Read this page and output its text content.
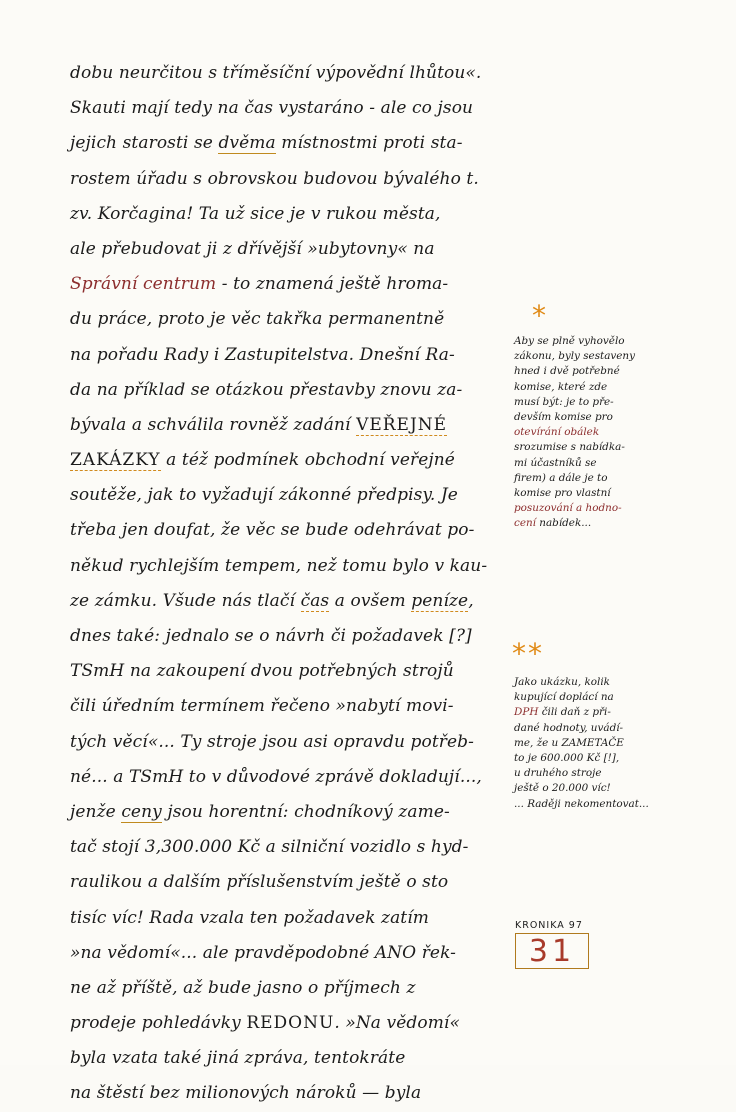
dobu neurčitou s tříměsíční výpovědní lhůtou«.
Skauti mají tedy na čas vystaráno - ale co jsou
jejich starosti se dvěma místnostmi proti sta-
rostem úřadu s obrovskou budovou bývalého t.
zv. Korčagina! Ta už sice je v rukou města,
ale přebudovat ji z dřívější »ubytovny« na
Správní centrum - to znamená ještě hroma-
du práce, proto je věc takřka permanentně
na pořadu Rady i Zastupitelstva. Dnešní Ra-
da na příklad se otázkou přestavby znovu za-
bývala a schválila rovněž zadání VEŘEJNÉ
ZAKÁZKY a též podmínek obchodní veřejné
soutěže, jak to vyžadují zákonné předpisy. Je
třeba jen doufat, že věc se bude odehrávat po-
někud rychlejším tempem, než tomu bylo v kau-
ze zámku. Všude nás tlačí čas a ovšem peníze,
dnes také: jednalo se o návrh či požadavek [?]
TSmH na zakoupení dvou potřebných strojů
čili úředním termínem řečeno »nabytí movi-
tých věcí«... Ty stroje jsou asi opravdu potřeb-
né... a TSmH to v důvodové zprávě dokladují...,
jenže ceny jsou horentní: chodníkový zame-
tač stojí 3,300.000 Kč a silniční vozidlo s hyd-
raulikou a dalším příslušenstvím ještě o sto
tisíc víc! Rada vzala ten požadavek zatím
»na vědomí«... ale pravděpodobné ANO řek-
ne až příště, až bude jasno o příjmech z
prodeje pohledávky REDONU. »Na vědomí«
byla vzata také jiná zpráva, tentokráte
na štěstí bez milionových nároků — byla
*
Aby se plně vyhovělo
zákonu, byly sestaveny
hned i dvě potřebné
komise, které zde
musí být: je to pře-
devším komise pro
otevírání obálek
srozumise s nabídka-
mi účastníků se
firem) a dále je to
komise pro vlastní
posuzování a hodno-
cení nabídek...
**
Jako ukázku, kolik
kupující doplácí na
DPH čili daň z při-
dané hodnoty, uvádí-
me, že u ZAMETAČE
to je 600.000 Kč [!],
u druhého stroje
ještě o 20.000 víc!
... Raději nekomentovat...
KRONIKA 97
31
